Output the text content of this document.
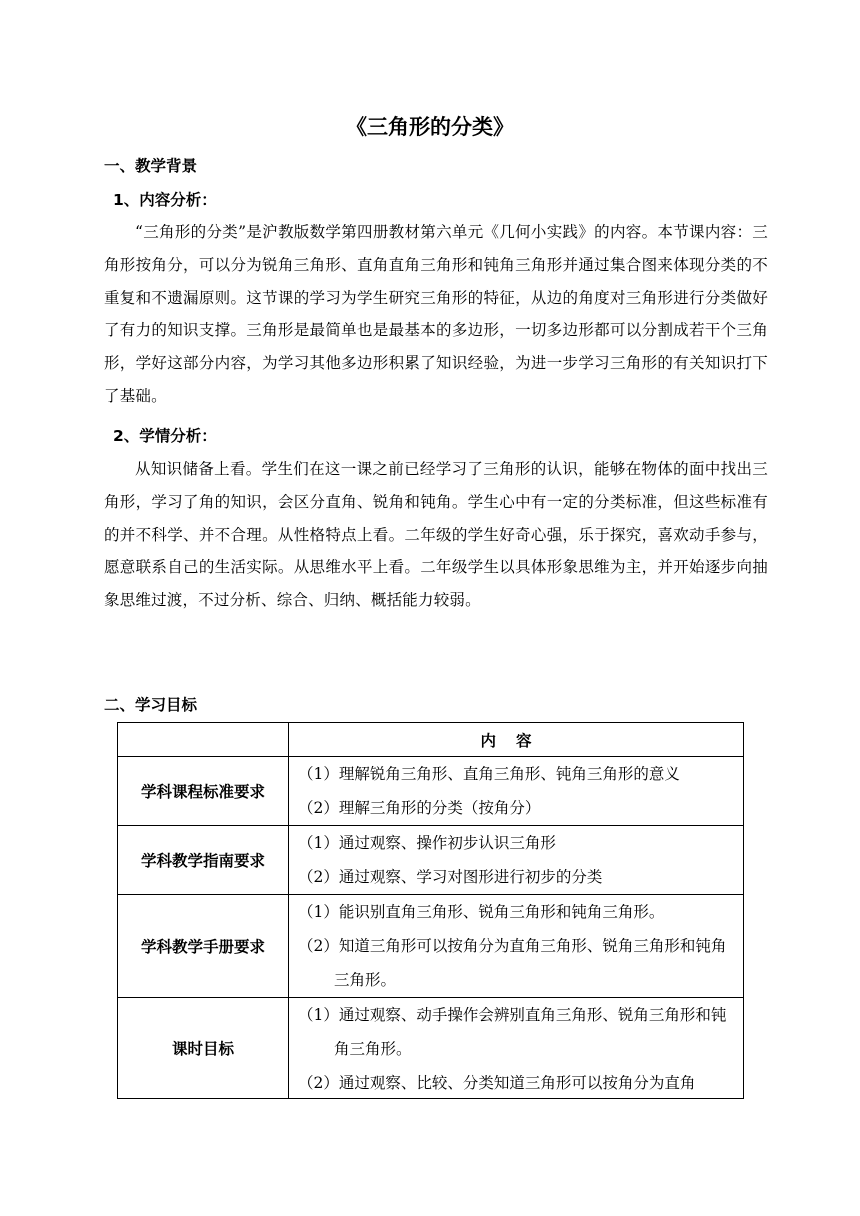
《三角形的分类》
一、教学背景
1、内容分析：

“三角形的分类”是沪教版数学第四册教材第六单元《几何小实践》的内容。本节课内容：三角形按角分，可以分为锐角三角形、直角直角三角形和钝角三角形并通过集合图来体现分类的不重复和不遗漏原则。这节课的学习为学生研究三角形的特征，从边的角度对三角形进行分类做好了有力的知识支撑。三角形是最简单也是最基本的多边形，一切多边形都可以分割成若干个三角形，学好这部分内容，为学习其他多边形积累了知识经验，为进一步学习三角形的有关知识打下了基础。

2、学情分析：

从知识储备上看。学生们在这一课之前已经学习了三角形的认识，能够在物体的面中找出三角形，学习了角的知识，会区分直角、锐角和钝角。学生心中有一定的分类标准，但这些标准有的并不科学、并不合理。从性格特点上看。二年级的学生好奇心强，乐于探究，喜欢动手参与，愿意联系自己的生活实际。从思维水平上看。二年级学生以具体形象思维为主，并开始逐步向抽象思维过渡，不过分析、综合、归纳、概括能力较弱。

二、学习目标
	内容
学科课程标准要求	（1）理解锐角三角形、直角三角形、钝角三角形的意义
（2）理解三角形的分类（按角分）

学科教学指南要求	（1）通过观察、操作初步认识三角形
（2）通过观察、学习对图形进行初步的分类

学科教学手册要求	（1）能识别直角三角形、锐角三角形和钝角三角形。
（2）知道三角形可以按角分为直角三角形、锐角三角形和钝角三角形。

课时目标	（1）通过观察、动手操作会辨别直角三角形、锐角三角形和钝角三角形。
（2）通过观察、比较、分类知道三角形可以按角分为直角
